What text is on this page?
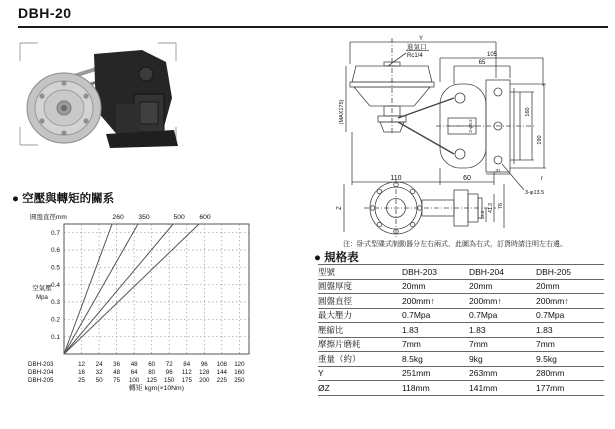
DBH-20
Y
進氣口
Rc1/4
(MAX175)
105
65
110	60
31
r
160
190
2-φ9.2
3-φ13.5
Z	76
41.3
12.5
注：卧式型碟式制動器分左右兩式，此圖為右式，訂貨時請注明左右邊。
● 空壓與轉矩的關系
0.7
0.6
0.5
0.4
0.3
0.2
0.1
260 350	500 600
圓盤直徑mm
空氣壓
Mpa
DBH-203	12 24 36 48 60 72 84 96 108 120
DBH-204	16 32 48 64 80 96 112 128 144 160
DBH-205	25 50 75 100 125 150 175 200 225 250
轉矩 kgm(×10Nm)
● 規格表
型號	DBH-203	DBH-204	DBH-205
圓盤厚度	20mm	20mm	20mm
圓盤直徑	200mm↑	200mm↑	200mm↑
最大壓力	0.7Mpa	0.7Mpa	0.7Mpa
壓縮比	1.83	1.83	1.83
摩擦片磨耗	7mm	7mm	7mm
重量（約）	8.5kg	9kg	9.5kg
Y	251mm	263mm	280mm
ØZ	118mm	141mm	177mm
